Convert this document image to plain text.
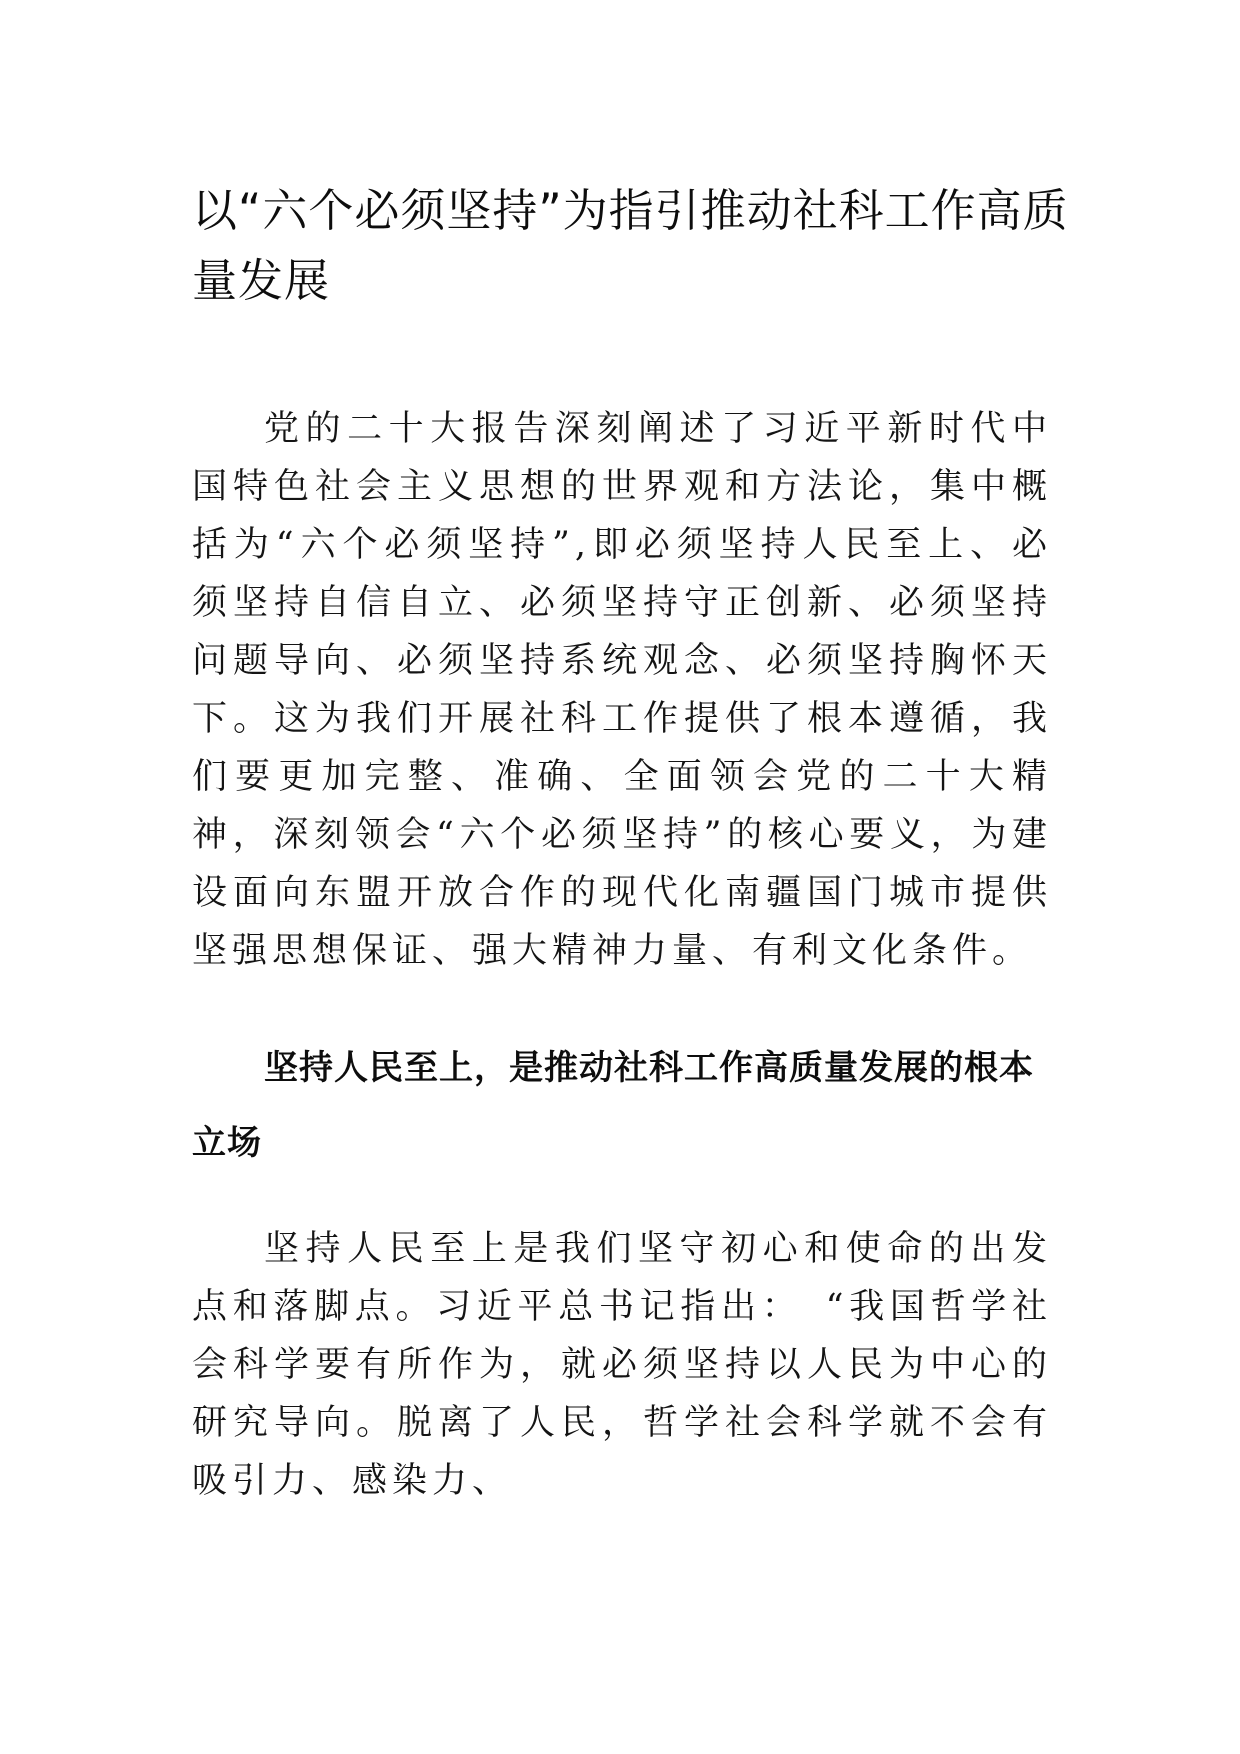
以“六个必须坚持”为指引推动社科工作高质量发展

党的二十大报告深刻阐述了习近平新时代中国特色社会主义思想的世界观和方法论，集中概括为“六个必须坚持”,即必须坚持人民至上、必须坚持自信自立、必须坚持守正创新、必须坚持问题导向、必须坚持系统观念、必须坚持胸怀天下。这为我们开展社科工作提供了根本遵循，我们要更加完整、准确、全面领会党的二十大精神，深刻领会“六个必须坚持”的核心要义，为建设面向东盟开放合作的现代化南疆国门城市提供坚强思想保证、强大精神力量、有利文化条件。

坚持人民至上，是推动社科工作高质量发展的根本立场

坚持人民至上是我们坚守初心和使命的出发点和落脚点。习近平总书记指出：　“我国哲学社会科学要有所作为，就必须坚持以人民为中心的研究导向。脱离了人民，哲学社会科学就不会有吸引力、感染力、
